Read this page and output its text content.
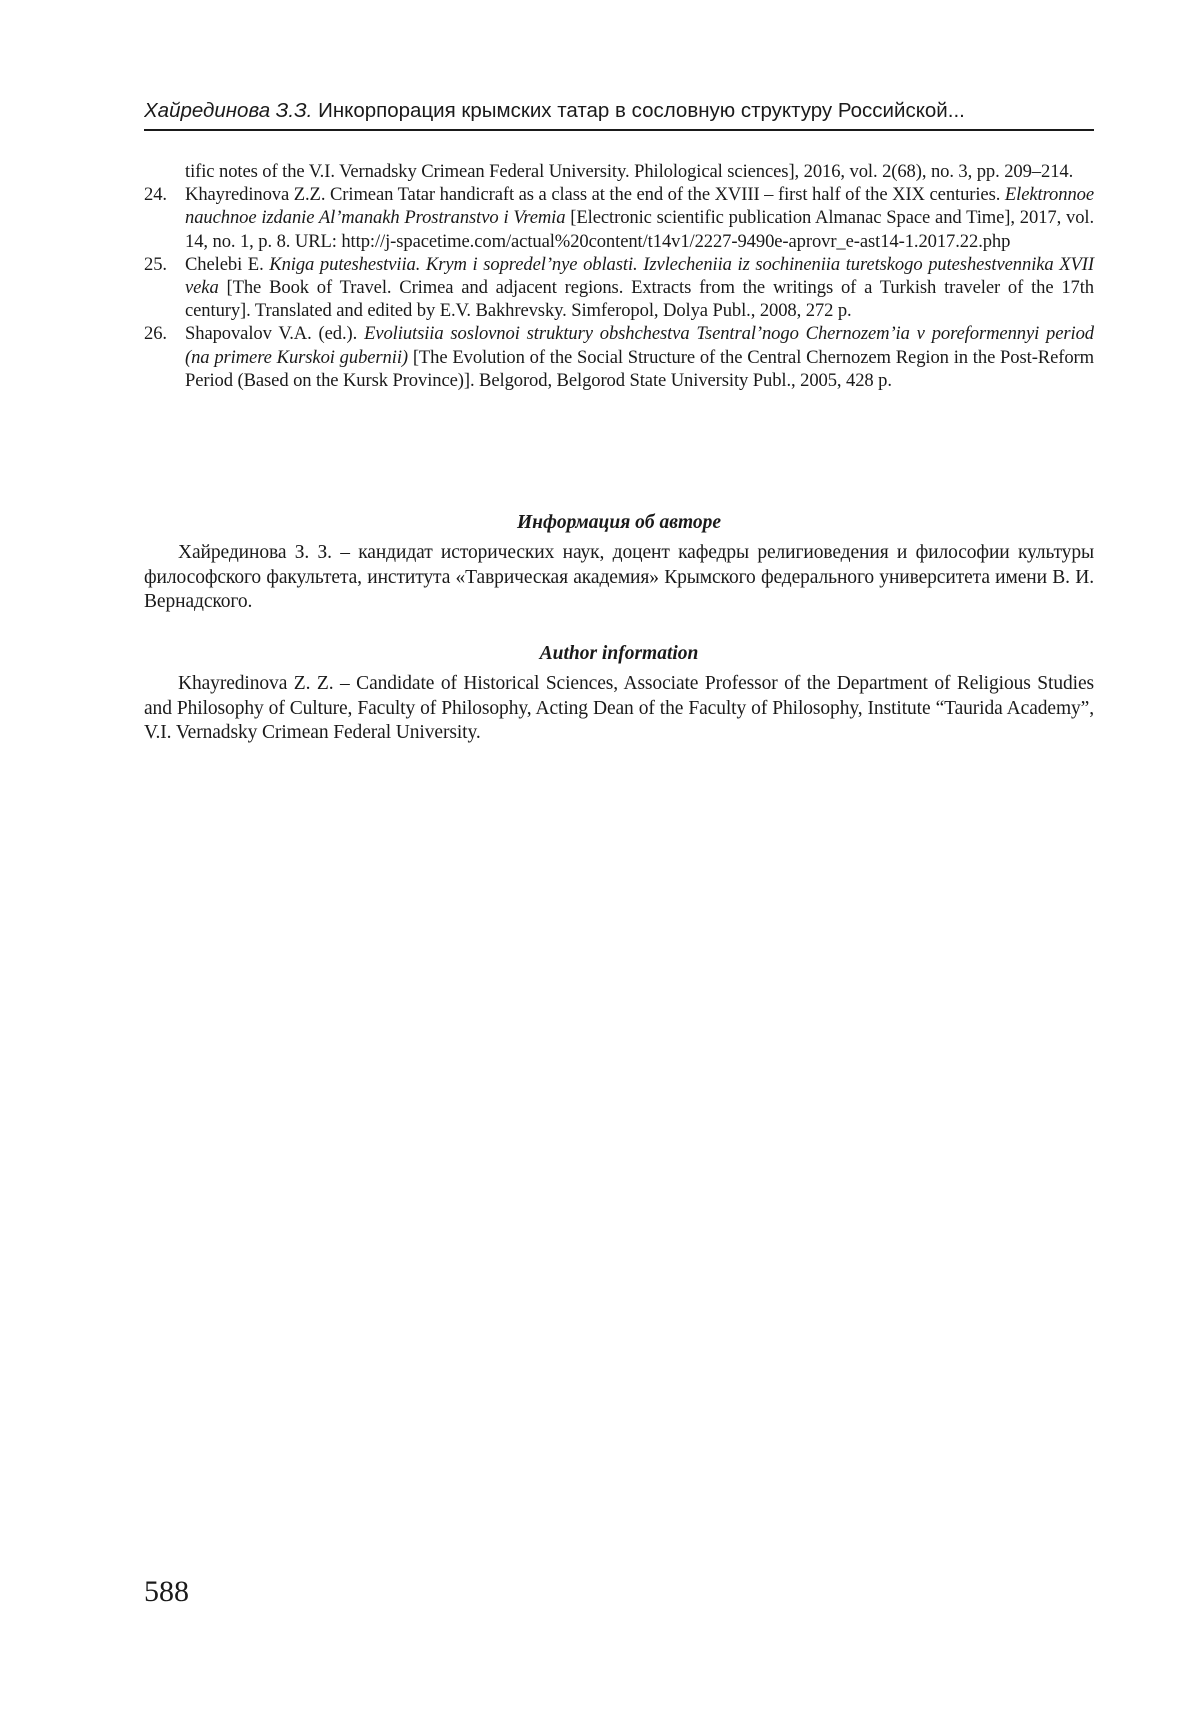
Хайрединова З.З. Инкорпорация крымских татар в сословную структуру Российской...
tific notes of the V.I. Vernadsky Crimean Federal University. Philological sciences], 2016, vol. 2(68), no. 3, pp. 209–214.
24. Khayredinova Z.Z. Crimean Tatar handicraft as a class at the end of the XVIII – first half of the XIX centuries. Elektronnoe nauchnoe izdanie Al’manakh Prostranstvo i Vremia [Electronic scientific publication Almanac Space and Time], 2017, vol. 14, no. 1, p. 8. URL: http://j-spacetime.com/actual%20content/t14v1/2227-9490e-aprovr_e-ast14-1.2017.22.php
25. Chelebi E. Kniga puteshestviia. Krym i sopredel’nye oblasti. Izvlecheniia iz sochineniia turetskogo puteshestvennika XVII veka [The Book of Travel. Crimea and adjacent regions. Extracts from the writings of a Turkish traveler of the 17th century]. Translated and edited by E.V. Bakhrevsky. Simferopol, Dolya Publ., 2008, 272 p.
26. Shapovalov V.A. (ed.). Evoliutsiia soslovnoi struktury obshchestva Tsentral’nogo Chernozem’ia v poreformennyi period (na primere Kurskoi gubernii) [The Evolution of the Social Structure of the Central Chernozem Region in the Post-Reform Period (Based on the Kursk Province)]. Belgorod, Belgorod State University Publ., 2005, 428 p.
Информация об авторе

Хайрединова З. З. – кандидат исторических наук, доцент кафедры религиоведения и философии культуры философского факультета, института «Таврическая академия» Крымского федерального университета имени В. И. Вернадского.

Author information

Khayredinova Z. Z. – Candidate of Historical Sciences, Associate Professor of the Department of Religious Studies and Philosophy of Culture, Faculty of Philosophy, Acting Dean of the Faculty of Philosophy, Institute “Taurida Academy”, V.I. Vernadsky Crimean Federal University.

588
